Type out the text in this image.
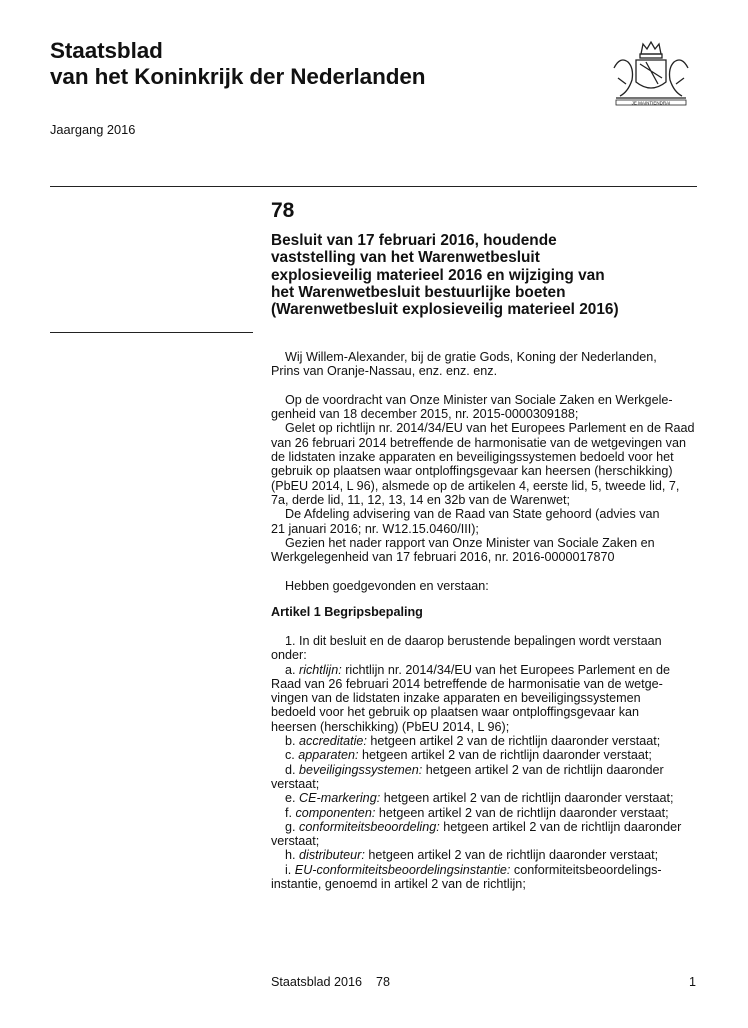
Staatsblad
van het Koninkrijk der Nederlanden
Jaargang 2016
JE MAINTIENDRAI
78
Besluit van 17 februari 2016, houdende
vaststelling van het Warenwetbesluit
explosieveilig materieel 2016 en wijziging van
het Warenwetbesluit bestuurlijke boeten
(Warenwetbesluit explosieveilig materieel 2016)
Wij Willem-Alexander, bij de gratie Gods, Koning der Nederlanden,
Prins van Oranje-Nassau, enz. enz. enz.

Op de voordracht van Onze Minister van Sociale Zaken en Werkgele-
genheid van 18 december 2015, nr. 2015-0000309188;
Gelet op richtlijn nr. 2014/34/EU van het Europees Parlement en de Raad
van 26 februari 2014 betreffende de harmonisatie van de wetgevingen van
de lidstaten inzake apparaten en beveiligingssystemen bedoeld voor het
gebruik op plaatsen waar ontploffingsgevaar kan heersen (herschikking)
(PbEU 2014, L 96), alsmede op de artikelen 4, eerste lid, 5, tweede lid, 7,
7a, derde lid, 11, 12, 13, 14 en 32b van de Warenwet;
De Afdeling advisering van de Raad van State gehoord (advies van
21 januari 2016; nr. W12.15.0460/III);
Gezien het nader rapport van Onze Minister van Sociale Zaken en
Werkgelegenheid van 17 februari 2016, nr. 2016-0000017870

Hebben goedgevonden en verstaan:
Artikel 1 Begripsbepaling
1. In dit besluit en de daarop berustende bepalingen wordt verstaan
onder:
a. richtlijn: richtlijn nr. 2014/34/EU van het Europees Parlement en de
Raad van 26 februari 2014 betreffende de harmonisatie van de wetge-
vingen van de lidstaten inzake apparaten en beveiligingssystemen
bedoeld voor het gebruik op plaatsen waar ontploffingsgevaar kan
heersen (herschikking) (PbEU 2014, L 96);
b. accreditatie: hetgeen artikel 2 van de richtlijn daaronder verstaat;
c. apparaten: hetgeen artikel 2 van de richtlijn daaronder verstaat;
d. beveiligingssystemen: hetgeen artikel 2 van de richtlijn daaronder
verstaat;
e. CE-markering: hetgeen artikel 2 van de richtlijn daaronder verstaat;
f. componenten: hetgeen artikel 2 van de richtlijn daaronder verstaat;
g. conformiteitsbeoordeling: hetgeen artikel 2 van de richtlijn daaronder
verstaat;
h. distributeur: hetgeen artikel 2 van de richtlijn daaronder verstaat;
i. EU-conformiteitsbeoordelingsinstantie: conformiteitsbeoordelings-
instantie, genoemd in artikel 2 van de richtlijn;
Staatsblad 2016    78	1
